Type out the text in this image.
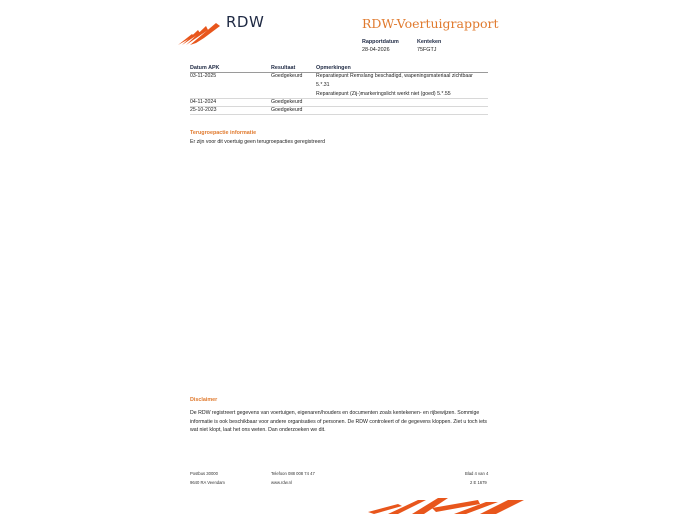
RDW	RDW-Voertuigrapport
Rapportdatum
28-04-2026
Kenteken
75FGTJ
Datum APK	Resultaat	Opmerkingen
03-11-2025	Goedgekeurd	Reparatiepunt Remslang beschadigd, wapeningsmateriaal zichtbaar
5.*.31
Reparatiepunt (Zij-)markeringslicht werkt niet (goed) 5.*.55
04-11-2024	Goedgekeurd
25-10-2023	Goedgekeurd
Terugroepactie informatie
Er zijn voor dit voertuig geen terugroepacties geregistreerd
Disclaimer
De RDW registreert gegevens van voertuigen, eigenaren/houders en documenten zoals kentekenen- en rijbewijzen. Sommige informatie is ook beschikbaar voor andere organisaties of personen. De RDW controleert of de gegevens kloppen. Ziet u toch iets wat niet klopt, laat het ons weten. Dan onderzoeken we dit.
Postbus 30000
9640 RA Veendam
Telefoon 088 008 74 47
www.rdw.nl
Blad 4 van 4
2 E 1679
